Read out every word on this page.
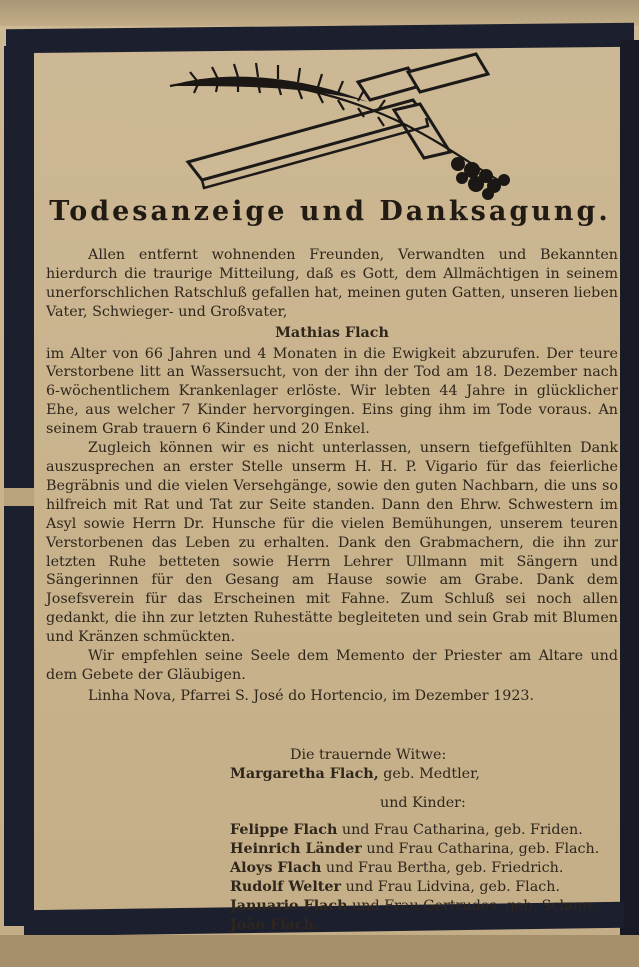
Todesanzeige und Danksagung.

Allen entfernt wohnenden Freunden, Verwandten und Bekannten hierdurch die traurige Mitteilung, daß es Gott, dem Allmächtigen in seinem unerforschlichen Ratschluß gefallen hat, meinen guten Gatten, unseren lieben Vater, Schwieger- und Großvater,

Mathias Flach

im Alter von 66 Jahren und 4 Monaten in die Ewigkeit abzurufen. Der teure Verstorbene litt an Wassersucht, von der ihn der Tod am 18. Dezember nach 6-wöchentlichem Krankenlager erlöste. Wir lebten 44 Jahre in glücklicher Ehe, aus welcher 7 Kinder hervorgingen. Eins ging ihm im Tode voraus. An seinem Grab trauern 6 Kinder und 20 Enkel.

Zugleich können wir es nicht unterlassen, unsern tiefgefühlten Dank auszusprechen an erster Stelle unserm H. H. P. Vigario für das feierliche Begräbnis und die vielen Versehgänge, sowie den guten Nachbarn, die uns so hilfreich mit Rat und Tat zur Seite standen. Dann den Ehrw. Schwestern im Asyl sowie Herrn Dr. Hunsche für die vielen Bemühungen, unserem teuren Verstorbenen das Leben zu erhalten. Dank den Grabmachern, die ihn zur letzten Ruhe betteten sowie Herrn Lehrer Ullmann mit Sängern und Sängerinnen für den Gesang am Hause sowie am Grabe. Dank dem Josefsverein für das Erscheinen mit Fahne. Zum Schluß sei noch allen gedankt, die ihn zur letzten Ruhestätte begleiteten und sein Grab mit Blumen und Kränzen schmückten.

Wir empfehlen seine Seele dem Memento der Priester am Altare und dem Gebete der Gläubigen.

Linha Nova, Pfarrei S. José do Hortencio, im Dezember 1923.

Die trauernde Witwe:

Margaretha Flach, geb. Medtler,

und Kinder:

Felippe Flach und Frau Catharina, geb. Friden.

Heinrich Länder und Frau Catharina, geb. Flach.

Aloys Flach und Frau Bertha, geb. Friedrich.

Rudolf Welter und Frau Lidvina, geb. Flach.

Januario Flach und Frau Gertrudes, geb. Schons.

João Flach.
